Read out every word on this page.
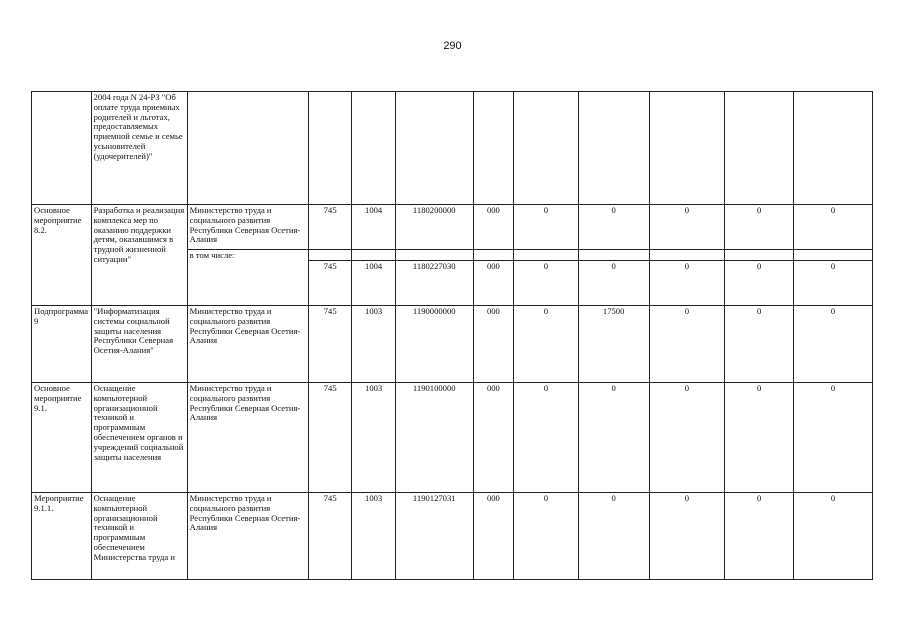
290
	2004 года N 24-РЗ "Об оплате труда приемных родителей и льготах, предоставляемых приемной семье и семье усыновителей (удочерителей)"										
Основное мероприятие 8.2.	Разработка и реализация комплекса мер по оказанию поддержки детям, оказавшимся в трудной жизненной ситуации"	Министерство труда и социального развития Республики Северная Осетия-Алания	745	1004	1180200000	000	0	0	0	0	0
		в том числе:									
			745	1004	1180227030	000	0	0	0	0	0
Подпрограмма 9	"Информатизация системы социальной защиты населения Республики Северная Осетия-Алания"	Министерство труда и социального развития Республики Северная Осетия-Алания	745	1003	1190000000	000	0	17500	0	0	0
Основное мероприятие 9.1.	Оснащение компьютерной организационной техникой и программным обеспечением органов и учреждений социальной защиты населения	Министерство труда и социального развития Республики Северная Осетия-Алания	745	1003	1190100000	000	0	0	0	0	0
Мероприятие 9.1.1.	Оснащение компьютерной организационной техникой и программным обеспечением Министерства труда и	Министерство труда и социального развития Республики Северная Осетия-Алания	745	1003	1190127031	000	0	0	0	0	0
